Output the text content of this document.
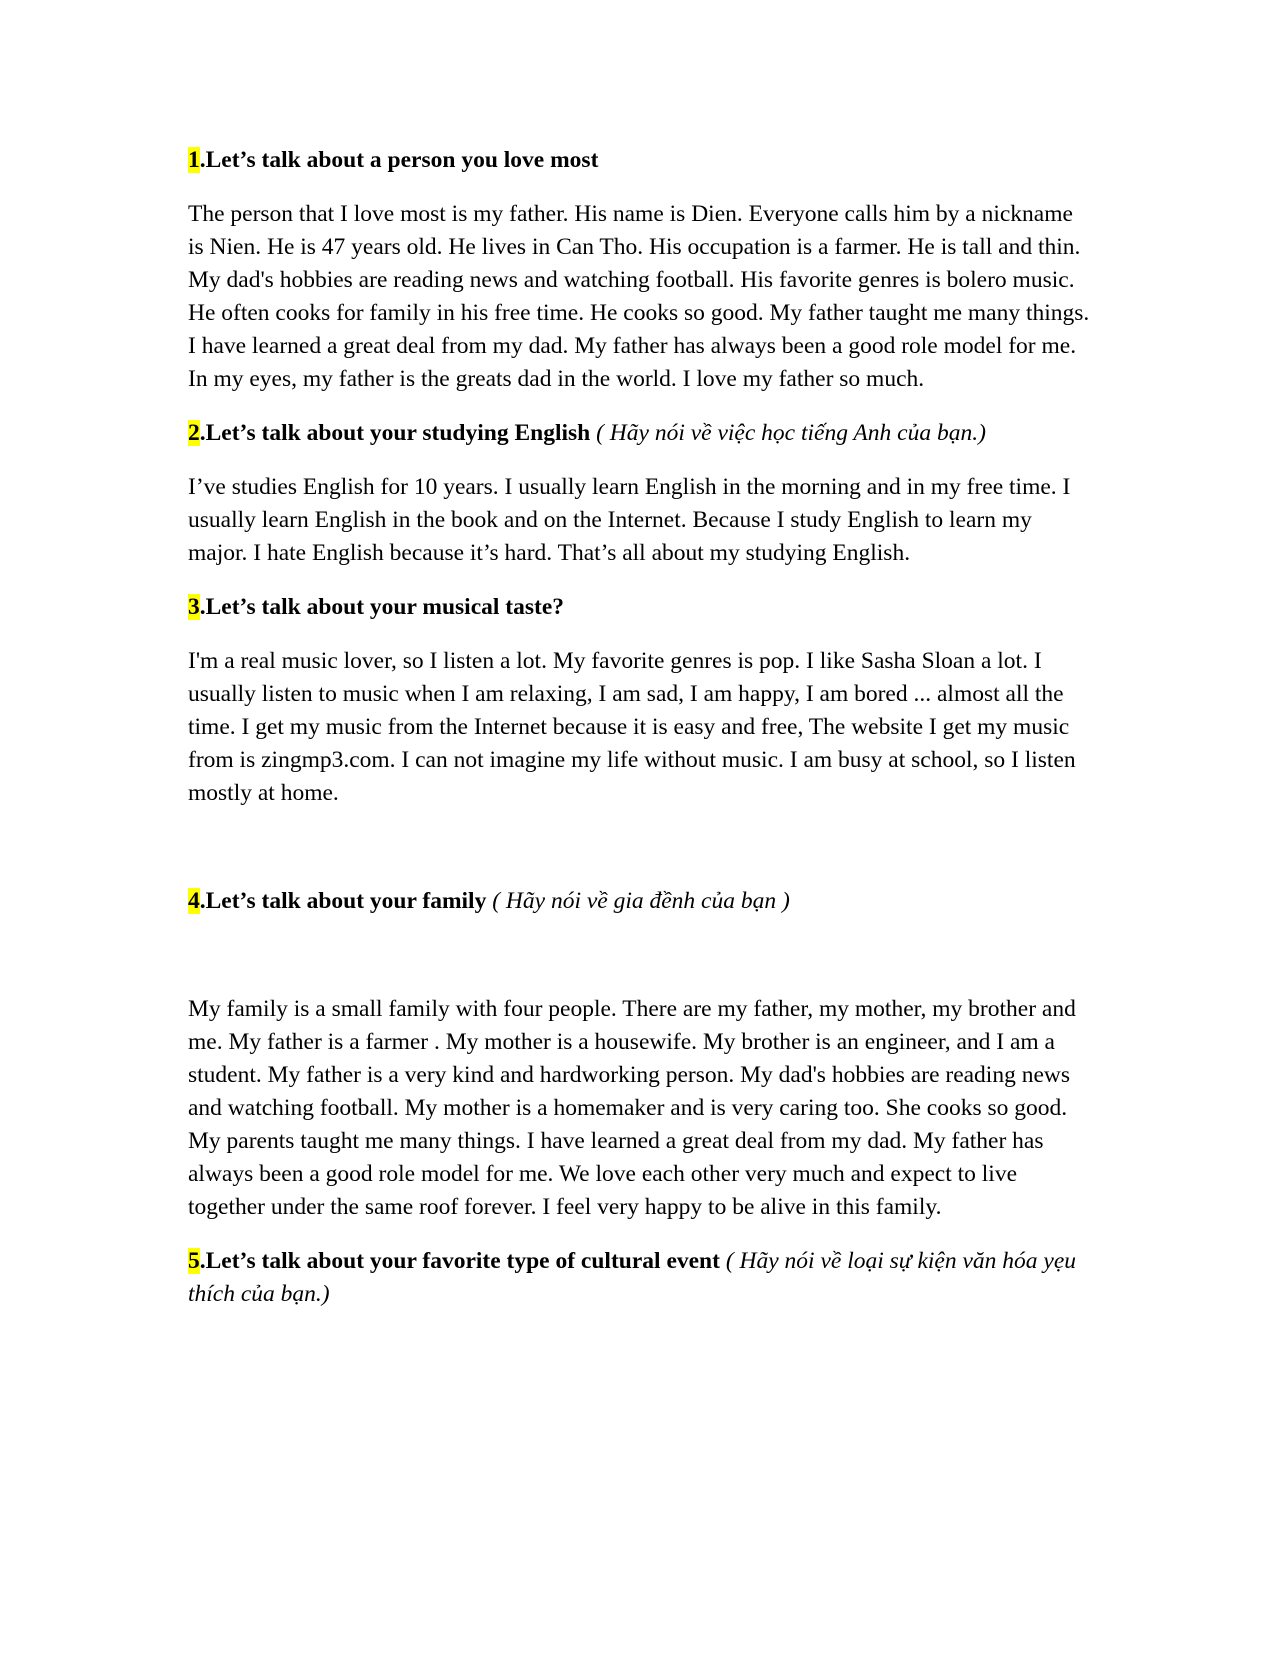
1.Let’s talk about a person you love most

The person that I love most is my father. His name is Dien. Everyone calls him by a nickname is Nien. He is 47 years old. He lives in Can Tho. His occupation is a farmer. He is tall and thin. My dad's hobbies are reading news and watching football. His favorite genres is bolero music. He often cooks for family in his free time. He cooks so good. My father taught me many things. I have learned a great deal from my dad. My father has always been a good role model for me. In my eyes, my father is the greats dad in the world. I love my father so much.

2.Let’s talk about your studying English ( Hãy nói về việc học tiếng Anh của bạn.)

I’ve studies English for 10 years. I usually learn English in the morning and in my free time. I usually learn English in the book and on the Internet. Because I study English to learn my major. I hate English because it’s hard. That’s all about my studying English.

3.Let’s talk about your musical taste?

I'm a real music lover, so I listen a lot. My favorite genres is pop. I like Sasha Sloan a lot. I usually listen to music when I am relaxing, I am sad, I am happy, I am bored ... almost all the time. I get my music from the Internet because it is easy and free, The website I get my music from is zingmp3.com. I can not imagine my life without music. I am busy at school, so I listen mostly at home.

4.Let’s talk about your family ( Hãy nói về gia đềnh của bạn )

My family is a small family with four people. There are my father, my mother, my brother and me. My father is a farmer . My mother is a housewife. My brother is an engineer, and I am a student. My father is a very kind and hardworking person. My dad's hobbies are reading news and watching football. My mother is a homemaker and is very caring too. She cooks so good. My parents taught me many things. I have learned a great deal from my dad. My father has always been a good role model for me. We love each other very much and expect to live together under the same roof forever. I feel very happy to be alive in this family.

5.Let’s talk about your favorite type of cultural event ( Hãy nói về loại sự kiện văn hóa yẹu thích của bạn.)
